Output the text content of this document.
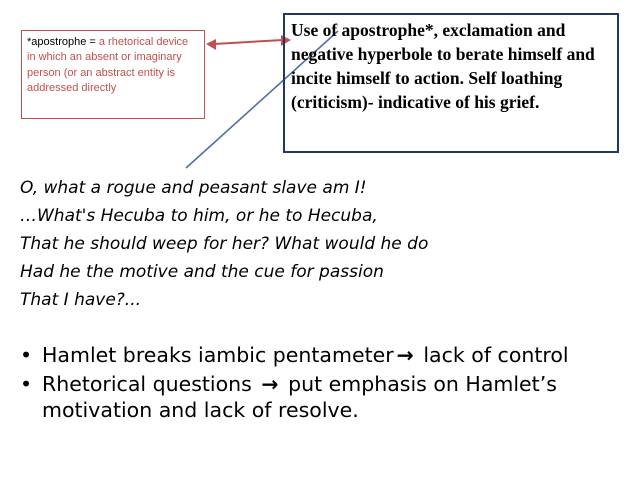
*apostrophe = a rhetorical device in which an absent or imaginary person (or an abstract entity is addressed directly
Use of apostrophe*, exclamation and negative hyperbole to berate himself and incite himself to action. Self loathing (criticism)- indicative of his grief.
O, what a rogue and peasant slave am I!
…What's Hecuba to him, or he to Hecuba,
That he should weep for her? What would he do
Had he the motive and the cue for passion
That I have?...
• Hamlet breaks iambic pentameter → lack of control
• Rhetorical questions → put emphasis on Hamlet’s motivation and lack of resolve.
